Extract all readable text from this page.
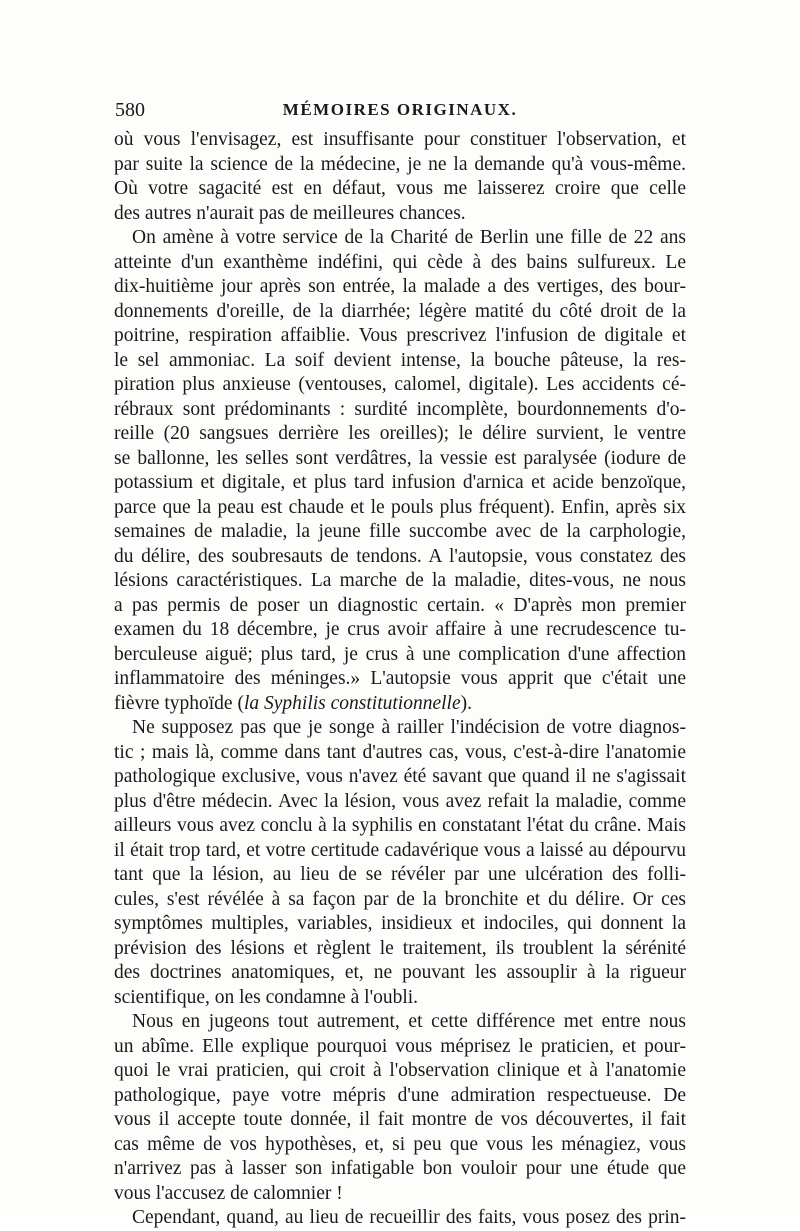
580	MÉMOIRES ORIGINAUX.
où vous l'envisagez, est insuffisante pour constituer l'observation, et
par suite la science de la médecine, je ne la demande qu'à vous-même.
Où votre sagacité est en défaut, vous me laisserez croire que celle
des autres n'aurait pas de meilleures chances.
On amène à votre service de la Charité de Berlin une fille de 22 ans
atteinte d'un exanthème indéfini, qui cède à des bains sulfureux. Le
dix-huitième jour après son entrée, la malade a des vertiges, des bour-
donnements d'oreille, de la diarrhée; légère matité du côté droit de la
poitrine, respiration affaiblie. Vous prescrivez l'infusion de digitale et
le sel ammoniac. La soif devient intense, la bouche pâteuse, la res-
piration plus anxieuse (ventouses, calomel, digitale). Les accidents cé-
rébraux sont prédominants : surdité incomplète, bourdonnements d'o-
reille (20 sangsues derrière les oreilles); le délire survient, le ventre
se ballonne, les selles sont verdâtres, la vessie est paralysée (iodure de
potassium et digitale, et plus tard infusion d'arnica et acide benzoïque,
parce que la peau est chaude et le pouls plus fréquent). Enfin, après six
semaines de maladie, la jeune fille succombe avec de la carphologie,
du délire, des soubresauts de tendons. A l'autopsie, vous constatez des
lésions caractéristiques. La marche de la maladie, dites-vous, ne nous
a pas permis de poser un diagnostic certain. « D'après mon premier
examen du 18 décembre, je crus avoir affaire à une recrudescence tu-
berculeuse aiguë; plus tard, je crus à une complication d'une affection
inflammatoire des méninges.» L'autopsie vous apprit que c'était une
fièvre typhoïde (la Syphilis constitutionnelle).
Ne supposez pas que je songe à railler l'indécision de votre diagnos-
tic ; mais là, comme dans tant d'autres cas, vous, c'est-à-dire l'anatomie
pathologique exclusive, vous n'avez été savant que quand il ne s'agissait
plus d'être médecin. Avec la lésion, vous avez refait la maladie, comme
ailleurs vous avez conclu à la syphilis en constatant l'état du crâne. Mais
il était trop tard, et votre certitude cadavérique vous a laissé au dépourvu
tant que la lésion, au lieu de se révéler par une ulcération des folli-
cules, s'est révélée à sa façon par de la bronchite et du délire. Or ces
symptômes multiples, variables, insidieux et indociles, qui donnent la
prévision des lésions et règlent le traitement, ils troublent la sérénité
des doctrines anatomiques, et, ne pouvant les assouplir à la rigueur
scientifique, on les condamne à l'oubli.
Nous en jugeons tout autrement, et cette différence met entre nous
un abîme. Elle explique pourquoi vous méprisez le praticien, et pour-
quoi le vrai praticien, qui croit à l'observation clinique et à l'anatomie
pathologique, paye votre mépris d'une admiration respectueuse. De
vous il accepte toute donnée, il fait montre de vos découvertes, il fait
cas même de vos hypothèses, et, si peu que vous les ménagiez, vous
n'arrivez pas à lasser son infatigable bon vouloir pour une étude que
vous l'accusez de calomnier !
Cependant, quand, au lieu de recueillir des faits, vous posez des prin-
